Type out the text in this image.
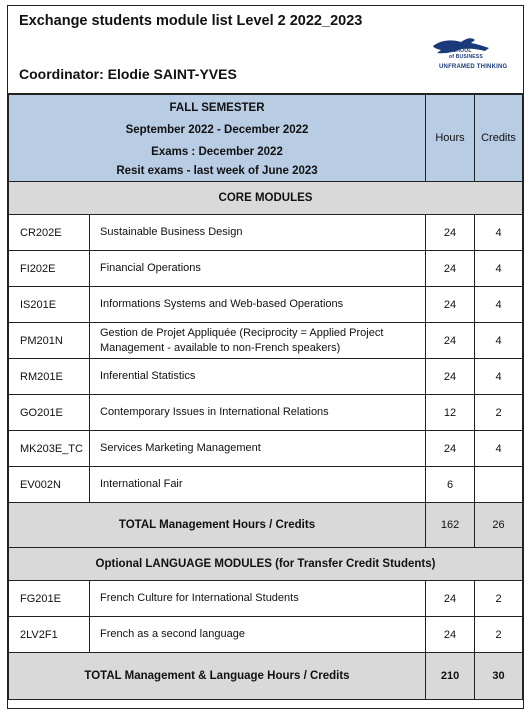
Exchange students module list Level 2 2022_2023
Coordinator: Elodie SAINT-YVES
RENNES
SCHOOL
of BUSINESS
UNFRAMED THINKING
FALL SEMESTER
September 2022 - December 2022
Exams : December 2022
Resit exams - last week of June 2023		Hours	Credits
CORE MODULES			
CR202E	Sustainable Business Design	24	4
FI202E	Financial Operations	24	4
IS201E	Informations Systems and Web-based Operations	24	4
PM201N	Gestion de Projet Appliquée (Reciprocity = Applied Project Management - available to non-French speakers)	24	4
RM201E	Inferential Statistics	24	4
GO201E	Contemporary Issues in International Relations	12	2
MK203E_TC	Services Marketing Management	24	4
EV002N	International Fair	6	
TOTAL Management Hours / Credits		162	26
Optional LANGUAGE MODULES (for Transfer Credit Students)			
FG201E	French Culture for International Students	24	2
2LV2F1	French as a second language	24	2
TOTAL Management & Language Hours / Credits		210	30
